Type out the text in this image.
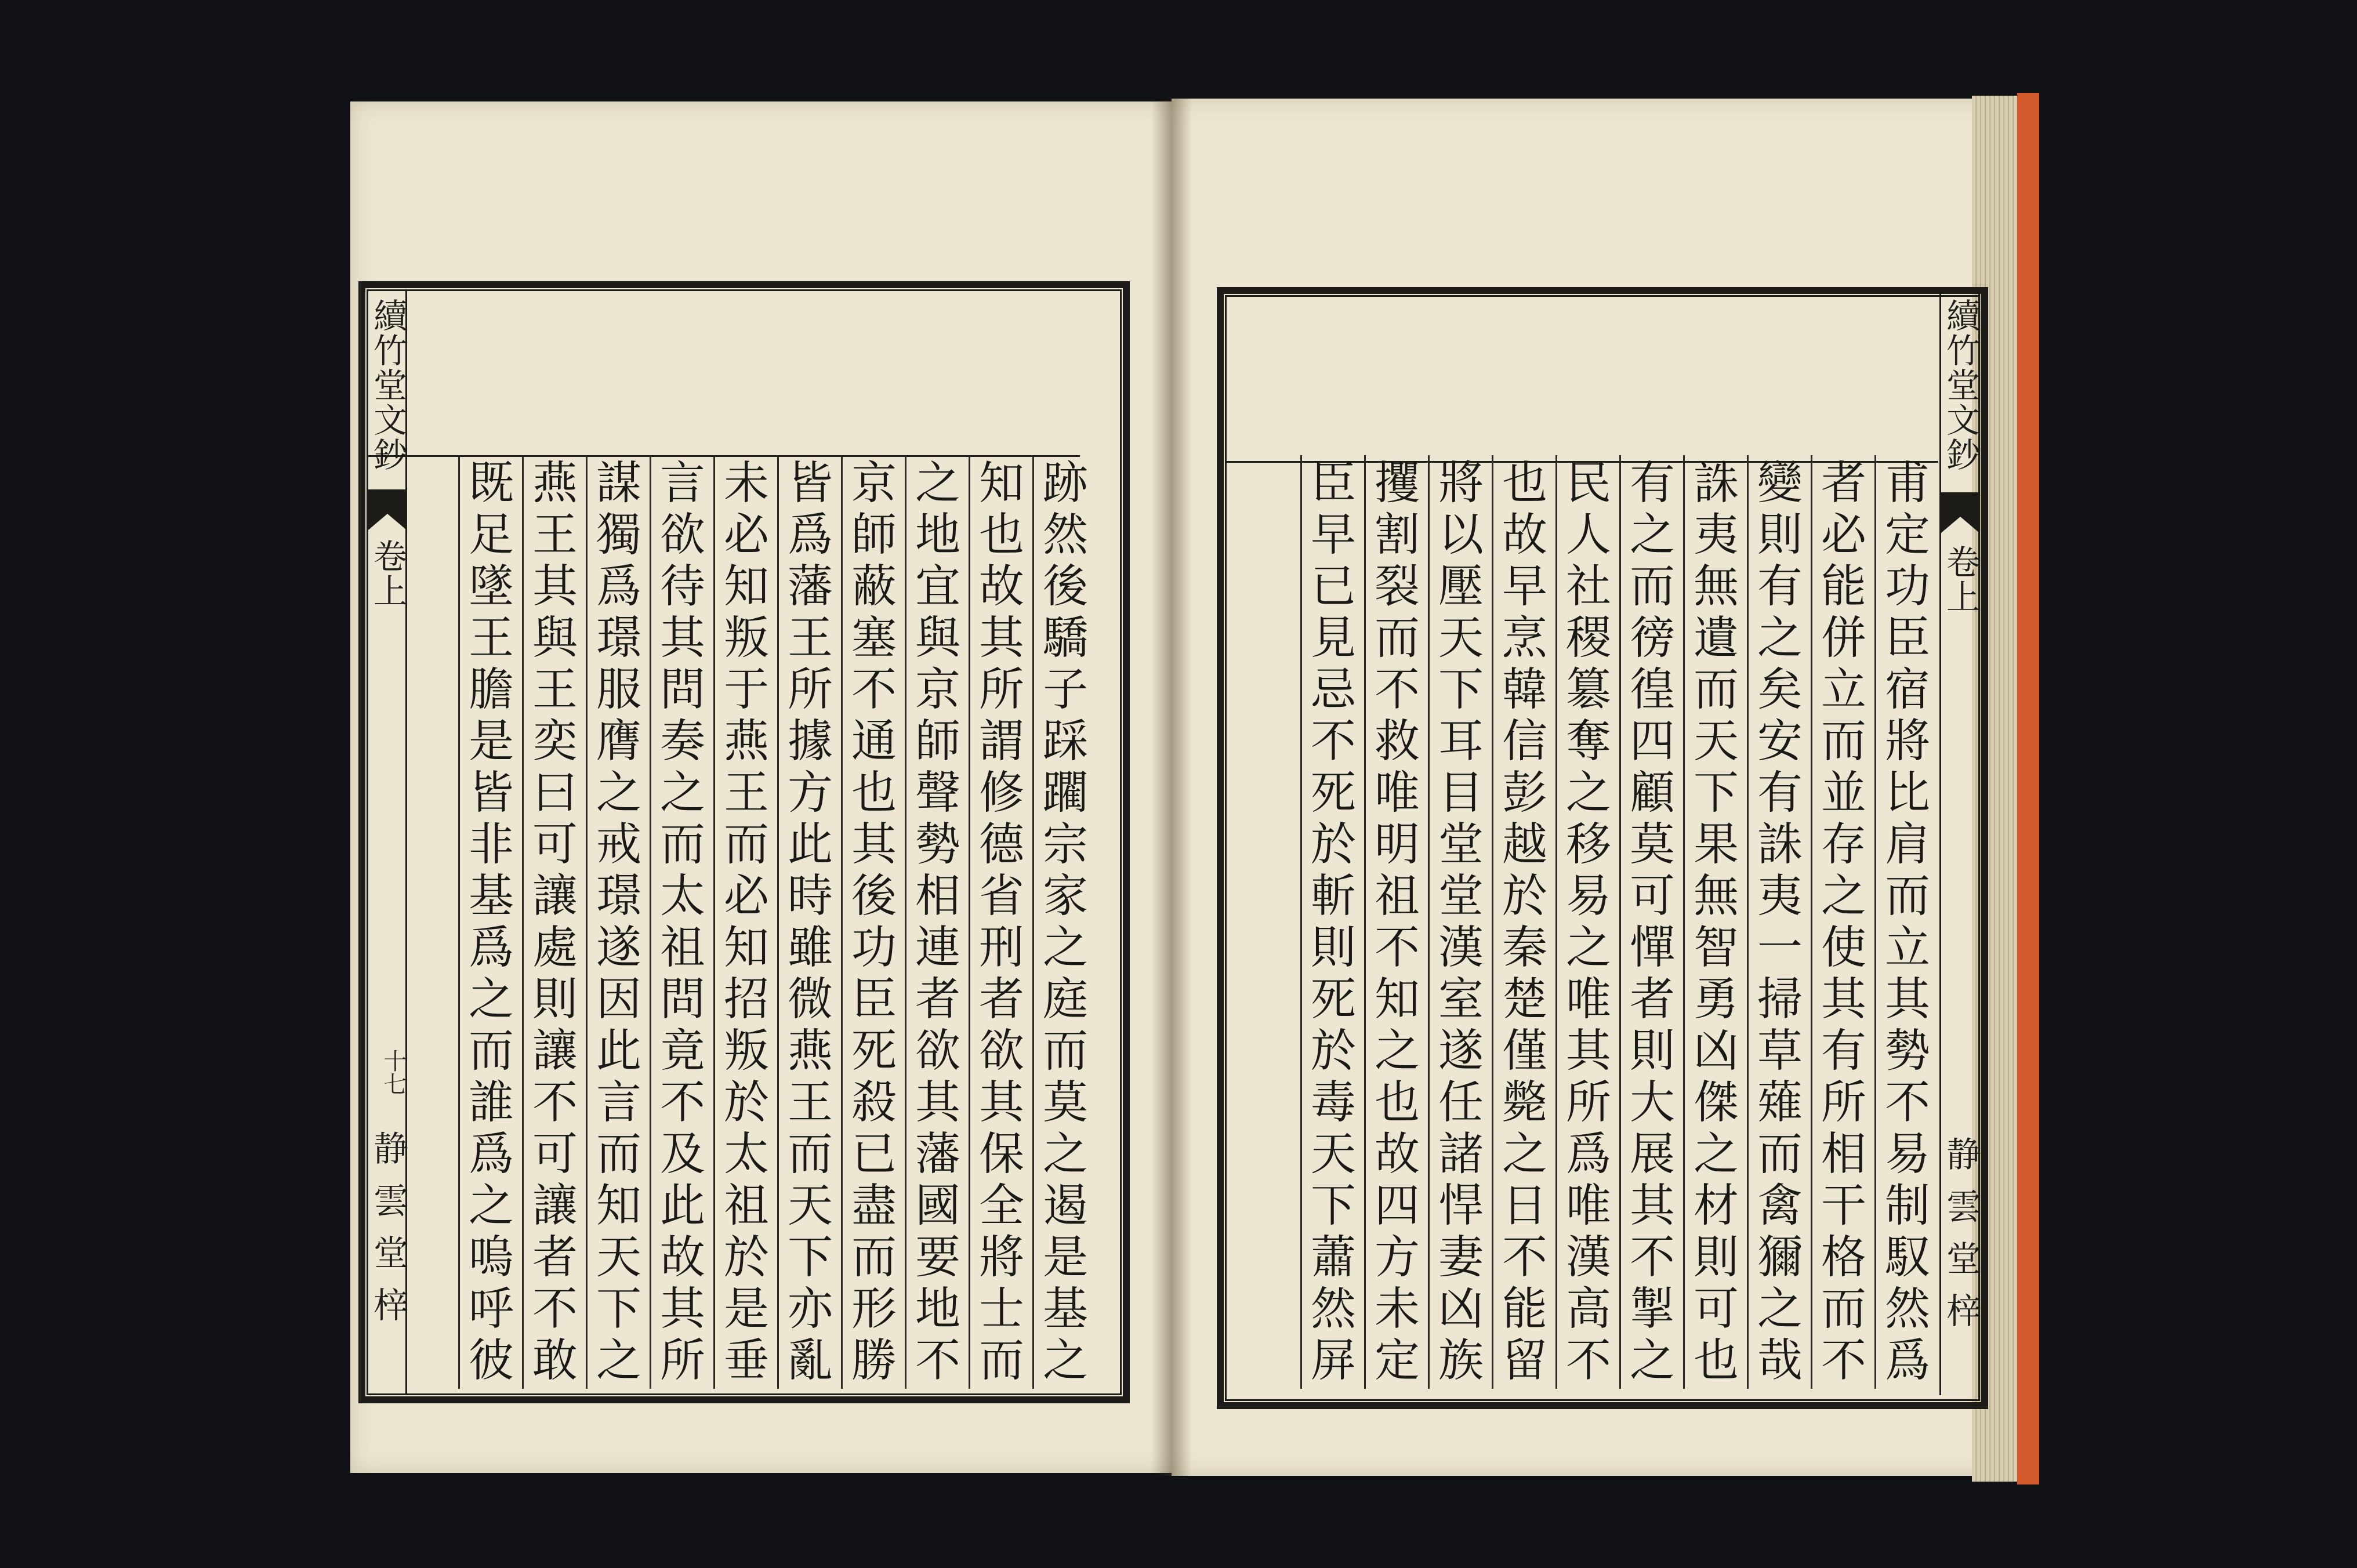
續竹堂文鈔
卷上
十七
静雲堂梓
跡然後驕子踩躙宗家之庭而莫之遏是基之
知也故其所謂修德省刑者欲其保全將士而
之地宜與京師聲勢相連者欲其藩國要地不
京師蔽塞不通也其後功臣死殺已盡而形勝
皆爲藩王所據方此時雖微燕王而天下亦亂
未必知叛于燕王而必知招叛於太祖於是垂
言欲待其問奏之而太祖問竟不及此故其所
謀獨爲璟服膺之戒璟遂因此言而知天下之
燕王其與王奕曰可讓處則讓不可讓者不敢
既足墜王膽是皆非基爲之而誰爲之嗚呼彼
續竹堂文鈔
卷上
静雲堂梓
甫定功臣宿將比肩而立其勢不易制馭然爲
者必能併立而並存之使其有所相干格而不
變則有之矣安有誅夷一掃草薙而禽獮之哉
誅夷無遺而天下果無智勇凶傑之材則可也
有之而徬徨四顧莫可憚者則大展其不掣之
民人社稷簒奪之移易之唯其所爲唯漢高不
也故早烹韓信彭越於秦楚僅斃之日不能留
將以壓天下耳目堂堂漢室遂任諸悍妻凶族
攫割裂而不救唯明祖不知之也故四方未定
臣早已見忌不死於斬則死於毒天下蕭然屏
